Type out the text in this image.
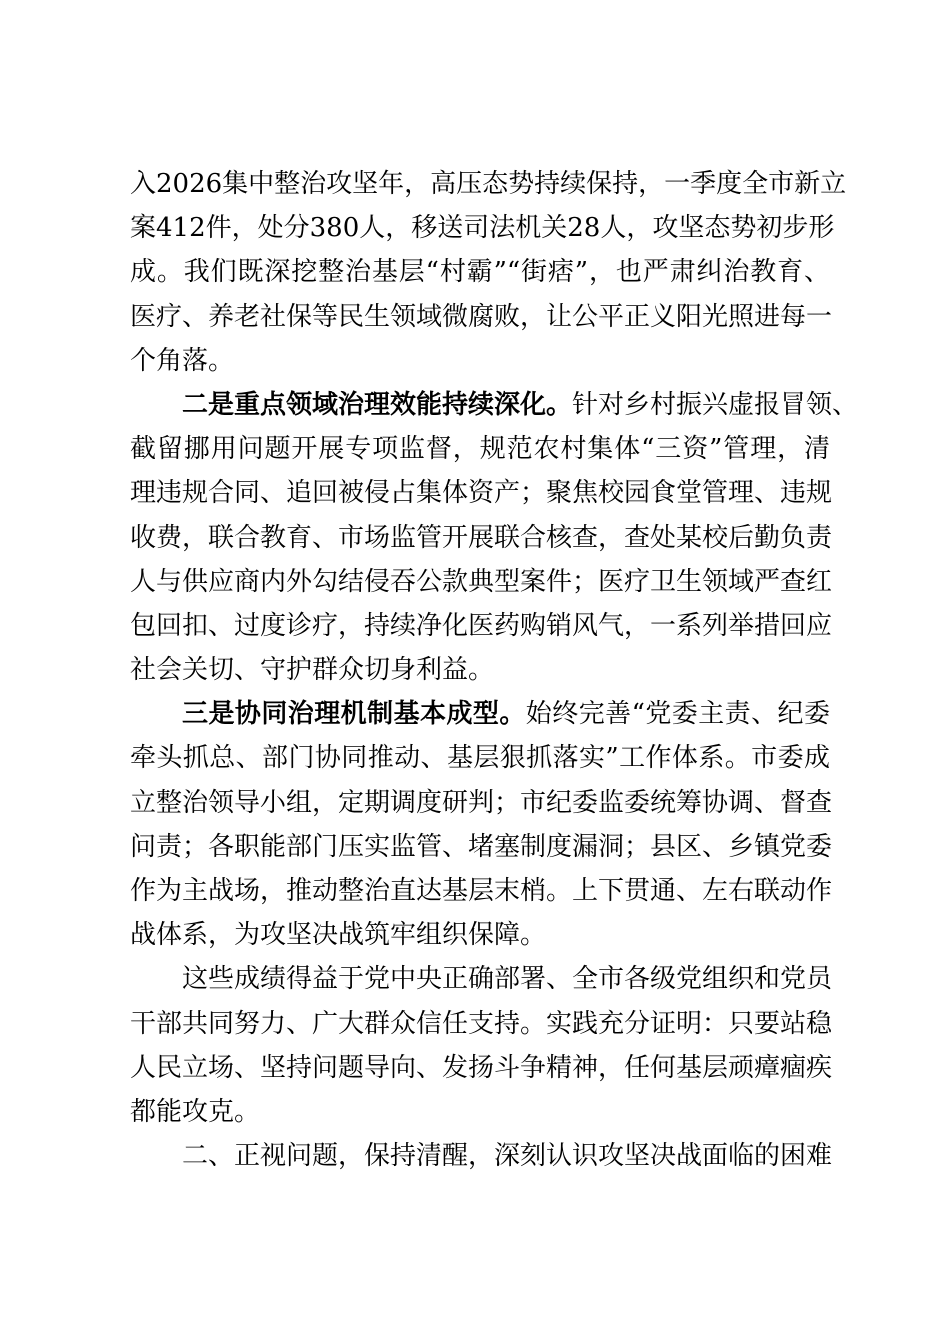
入2026集中整治攻坚年，高压态势持续保持，一季度全市新立
案412件，处分380人，移送司法机关28人，攻坚态势初步形
成。我们既深挖整治基层“村霸”“街痞”，也严肃纠治教育、
医疗、养老社保等民生领域微腐败，让公平正义阳光照进每一
个角落。
二是重点领域治理效能持续深化。针对乡村振兴虚报冒领、
截留挪用问题开展专项监督，规范农村集体“三资”管理，清
理违规合同、追回被侵占集体资产；聚焦校园食堂管理、违规
收费，联合教育、市场监管开展联合核查，查处某校后勤负责
人与供应商内外勾结侵吞公款典型案件；医疗卫生领域严查红
包回扣、过度诊疗，持续净化医药购销风气，一系列举措回应
社会关切、守护群众切身利益。
三是协同治理机制基本成型。始终完善“党委主责、纪委
牵头抓总、部门协同推动、基层狠抓落实”工作体系。市委成
立整治领导小组，定期调度研判；市纪委监委统筹协调、督查
问责；各职能部门压实监管、堵塞制度漏洞；县区、乡镇党委
作为主战场，推动整治直达基层末梢。上下贯通、左右联动作
战体系，为攻坚决战筑牢组织保障。
这些成绩得益于党中央正确部署、全市各级党组织和党员
干部共同努力、广大群众信任支持。实践充分证明：只要站稳
人民立场、坚持问题导向、发扬斗争精神，任何基层顽瘴痼疾
都能攻克。
二、正视问题，保持清醒，深刻认识攻坚决战面临的困难
